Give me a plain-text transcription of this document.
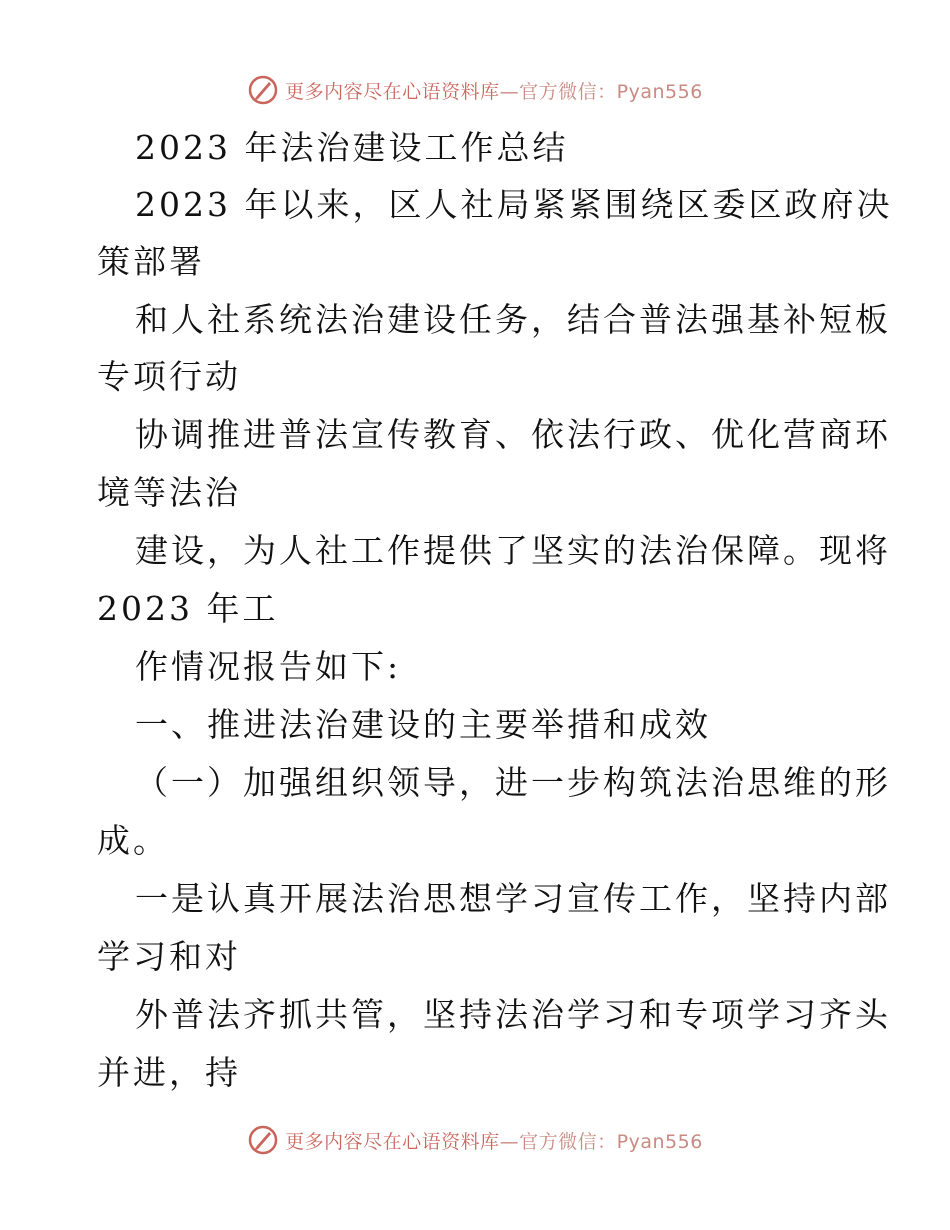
更多内容尽在心语资料库 —官方微信：Pyan556
2023 年法治建设工作总结
2023 年以来，区人社局紧紧围绕区委区政府决
策部署
和人社系统法治建设任务，结合普法强基补短板
专项行动
协调推进普法宣传教育、依法行政、优化营商环
境等法治
建设，为人社工作提供了坚实的法治保障。现将
2023 年工
作情况报告如下:
一、推进法治建设的主要举措和成效
（一）加强组织领导，进一步构筑法治思维的形
成。
一是认真开展法治思想学习宣传工作，坚持内部
学习和对
外普法齐抓共管，坚持法治学习和专项学习齐头
并进，持
更多内容尽在心语资料库 —官方微信：Pyan556
